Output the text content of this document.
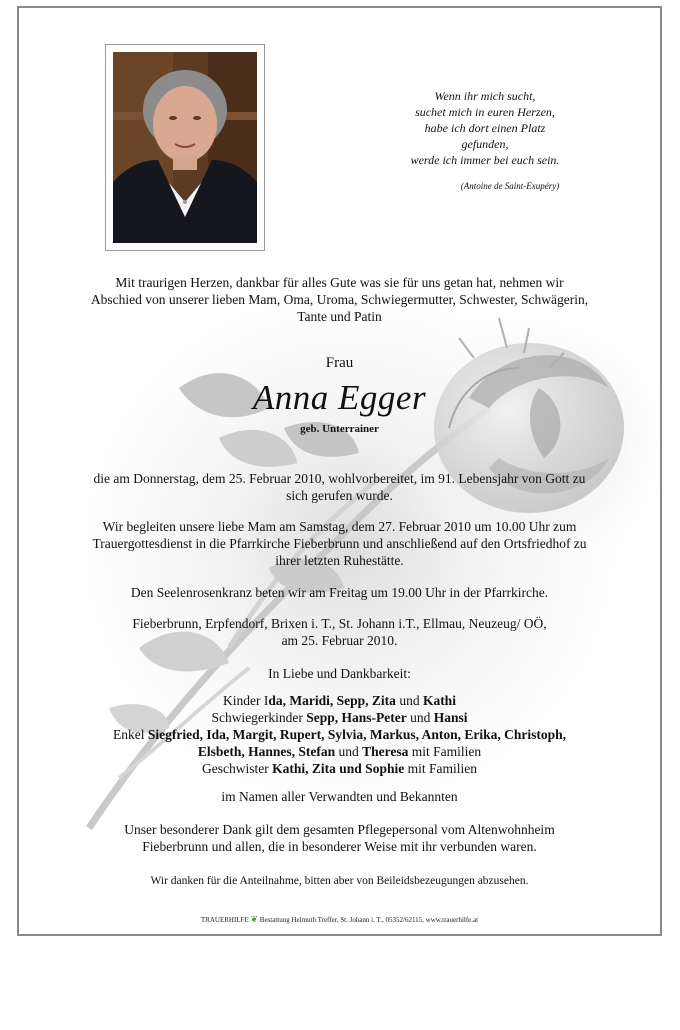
Wenn ihr mich sucht,
suchet mich in euren Herzen,
habe ich dort einen Platz
gefunden,
werde ich immer bei euch sein.
(Antoine de Saint-Exupéry)
Mit traurigen Herzen, dankbar für alles Gute was sie für uns getan hat, nehmen wir
Abschied von unserer lieben Mam, Oma, Uroma, Schwiegermutter, Schwester, Schwägerin,
Tante und Patin
Frau
Anna Egger
geb. Unterrainer
die am Donnerstag, dem 25. Februar 2010, wohlvorbereitet, im 91. Lebensjahr von Gott zu
sich gerufen wurde.
Wir begleiten unsere liebe Mam am Samstag, dem 27. Februar 2010 um 10.00 Uhr zum
Trauergottesdienst in die Pfarrkirche Fieberbrunn und anschließend auf den Ortsfriedhof zu
ihrer letzten Ruhestätte.
Den Seelenrosenkranz beten wir am Freitag um 19.00 Uhr in der Pfarrkirche.
Fieberbrunn, Erpfendorf, Brixen i. T., St. Johann i.T., Ellmau, Neuzeug/ OÖ,
am 25. Februar 2010.
In Liebe und Dankbarkeit:
Kinder Ida, Maridi, Sepp, Zita und Kathi
Schwiegerkinder Sepp, Hans-Peter und Hansi
Enkel Siegfried, Ida, Margit, Rupert, Sylvia, Markus, Anton, Erika, Christoph,
Elsbeth, Hannes, Stefan und Theresa mit Familien
Geschwister Kathi, Zita und Sophie mit Familien
im Namen aller Verwandten und Bekannten
Unser besonderer Dank gilt dem gesamten Pflegepersonal vom Altenwohnheim
Fieberbrunn und allen, die in besonderer Weise mit ihr verbunden waren.
Wir danken für die Anteilnahme, bitten aber von Beileidsbezeugungen abzusehen.
TRAUERHILFE ❦ Bestattung Helmuth Treffer, St. Johann i. T., 05352/62115, www.trauerhilfe.at
